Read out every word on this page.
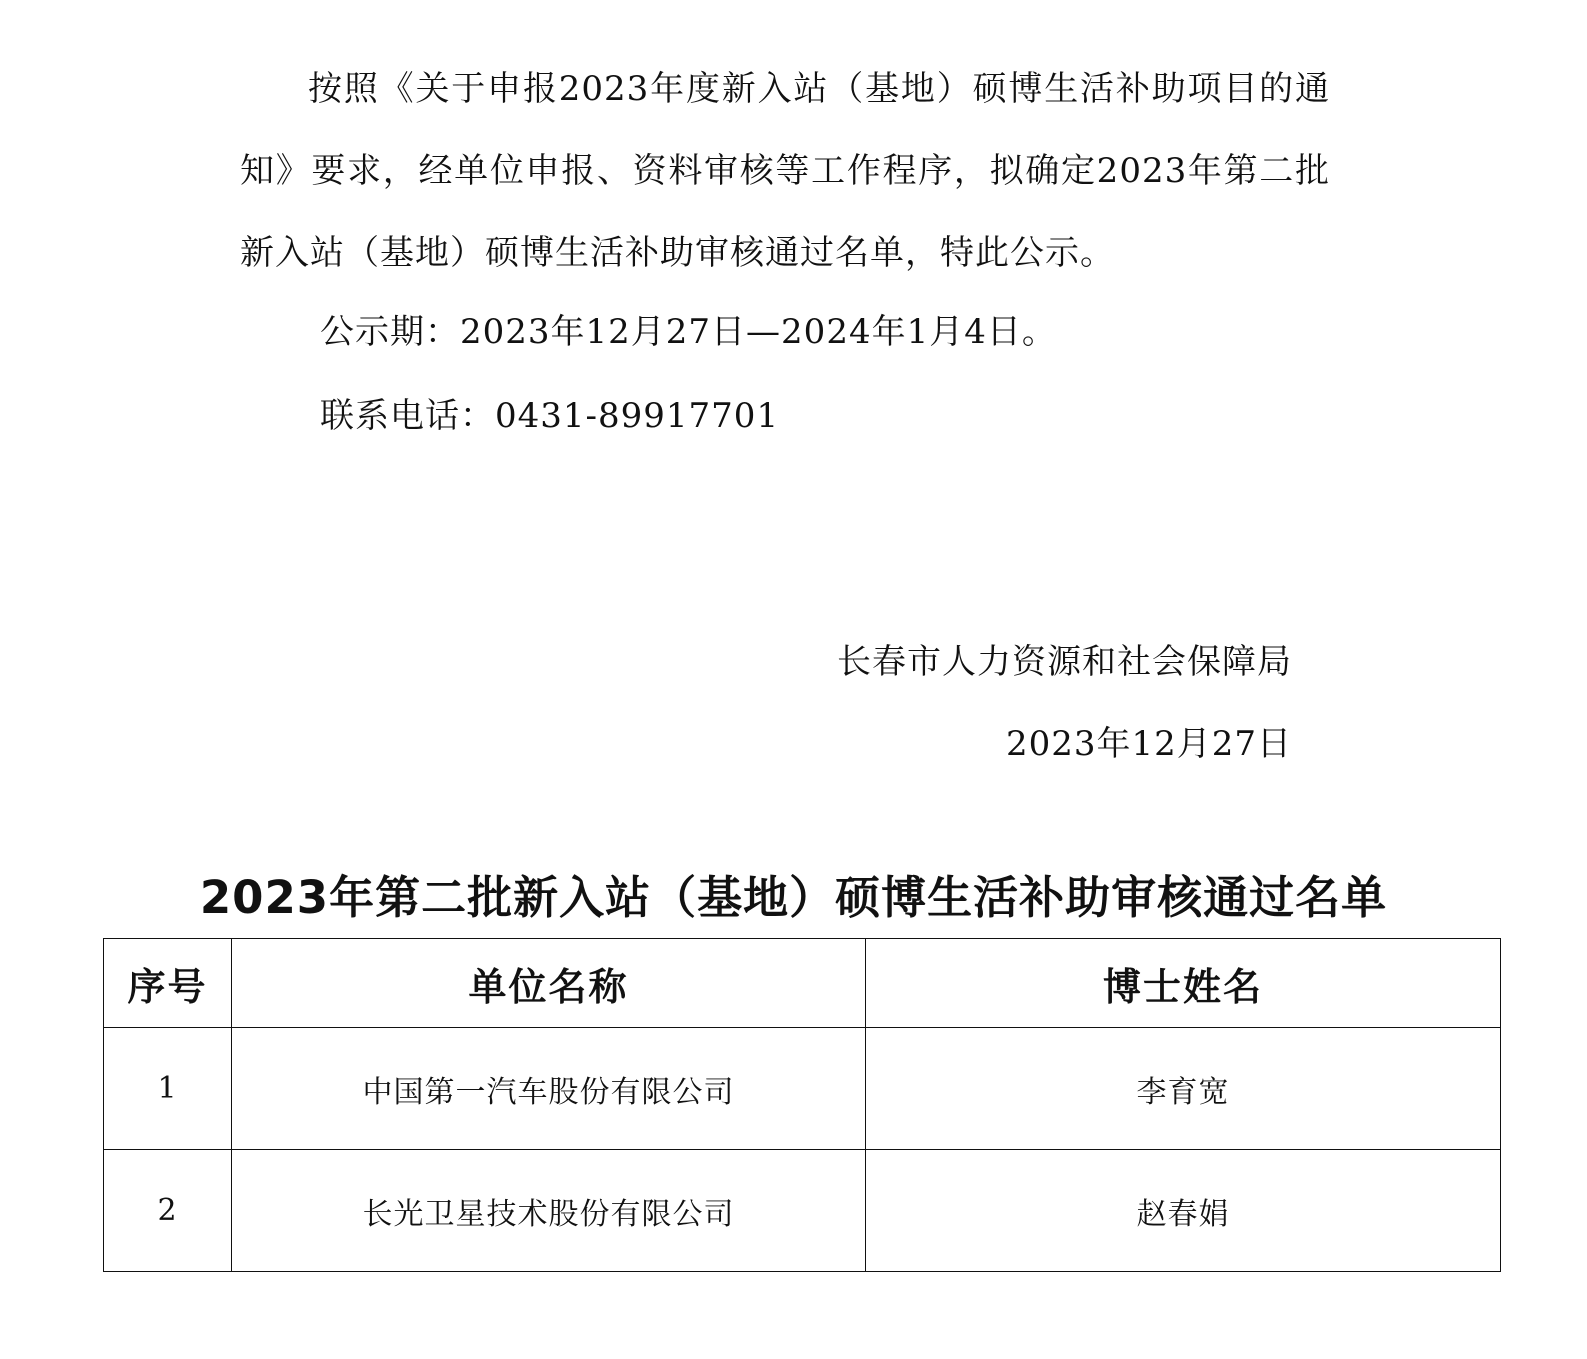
按照《关于申报2023年度新入站（基地）硕博生活补助项目的通知》要求，经单位申报、资料审核等工作程序，拟确定2023年第二批新入站（基地）硕博生活补助审核通过名单，特此公示。

公示期：2023年12月27日—2024年1月4日。

联系电话：0431-89917701

长春市人力资源和社会保障局
2023年12月27日
2023年第二批新入站（基地）硕博生活补助审核通过名单
序号	单位名称	博士姓名
1	中国第一汽车股份有限公司	李育宽
2	长光卫星技术股份有限公司	赵春娟
